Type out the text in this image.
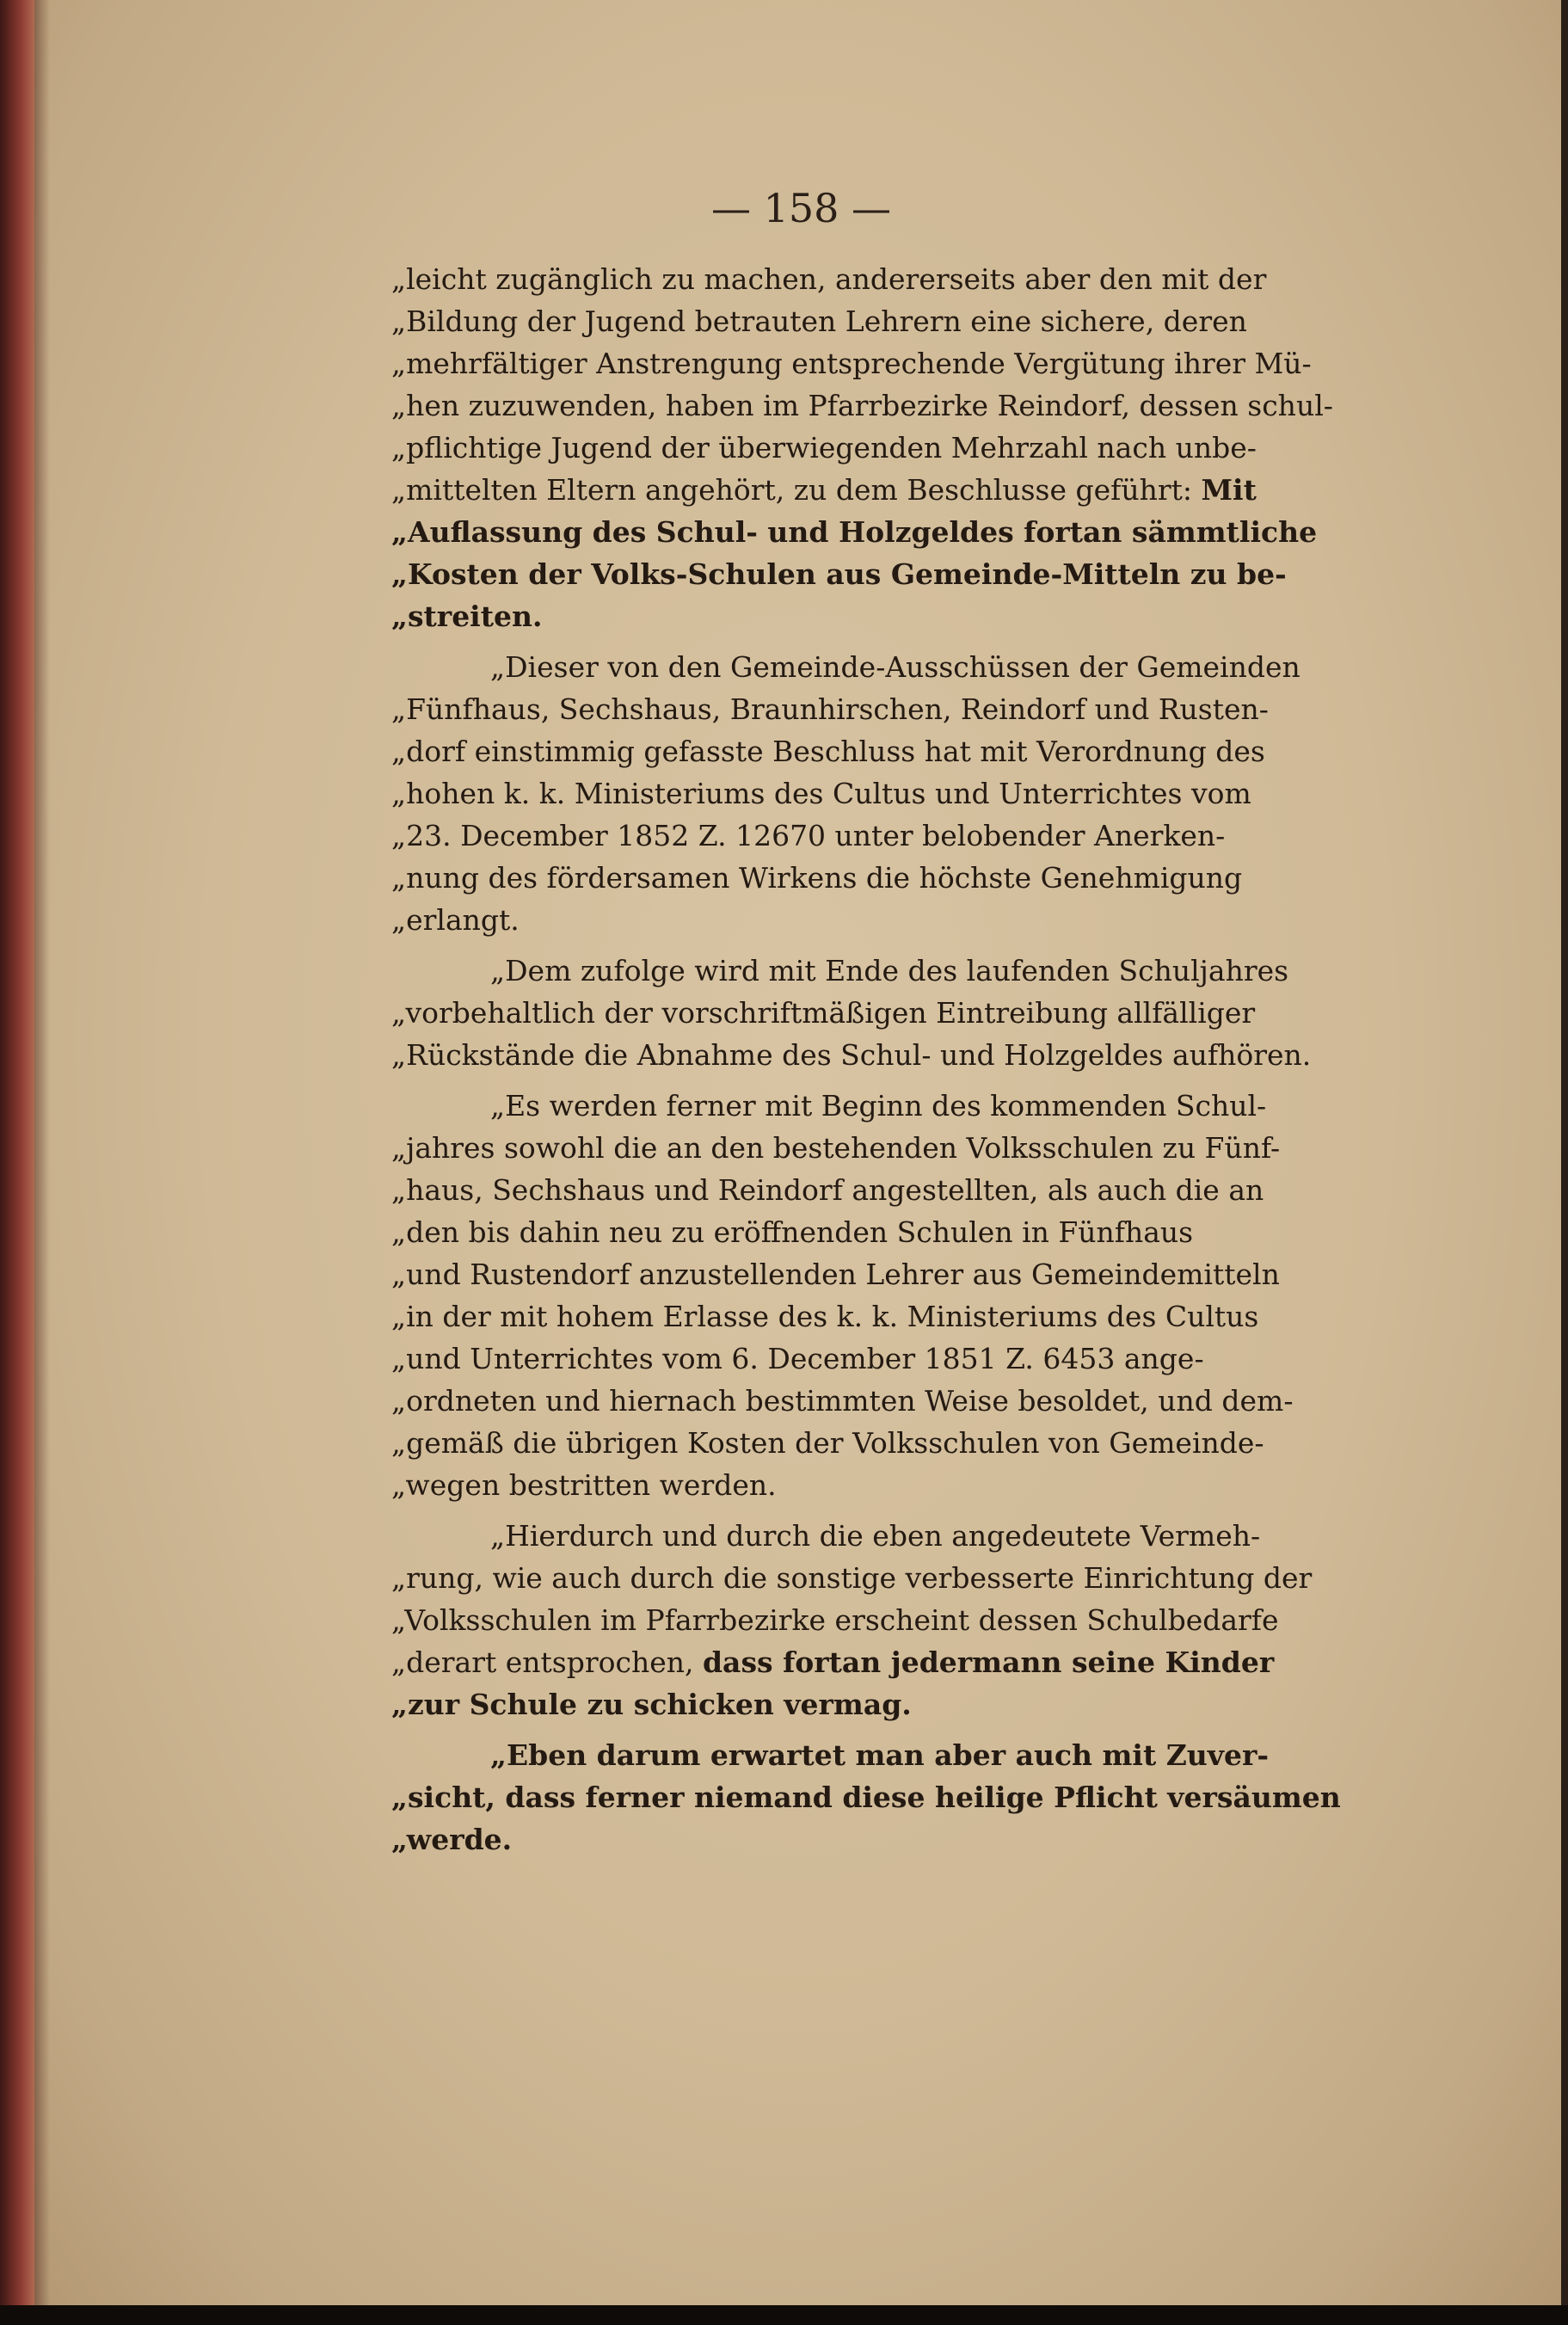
— 158 —
„leicht zugänglich zu machen, andererseits aber den mit der
„Bildung der Jugend betrauten Lehrern eine sichere, deren
„mehrfältiger Anstrengung entsprechende Vergütung ihrer Mü-
„hen zuzuwenden, haben im Pfarrbezirke Reindorf, dessen schul-
„pflichtige Jugend der überwiegenden Mehrzahl nach unbe-
„mittelten Eltern angehört, zu dem Beschlusse geführt: Mit
„Auflassung des Schul- und Holzgeldes fortan sämmtliche
„Kosten der Volks-Schulen aus Gemeinde-Mitteln zu be-
„streiten.
„Dieser von den Gemeinde-Ausschüssen der Gemeinden
„Fünfhaus, Sechshaus, Braunhirschen, Reindorf und Rusten-
„dorf einstimmig gefasste Beschluss hat mit Verordnung des
„hohen k. k. Ministeriums des Cultus und Unterrichtes vom
„23. December 1852 Z. 12670 unter belobender Anerken-
„nung des fördersamen Wirkens die höchste Genehmigung
„erlangt.
„Dem zufolge wird mit Ende des laufenden Schuljahres
„vorbehaltlich der vorschriftmäßigen Eintreibung allfälliger
„Rückstände die Abnahme des Schul- und Holzgeldes aufhören.
„Es werden ferner mit Beginn des kommenden Schul-
„jahres sowohl die an den bestehenden Volksschulen zu Fünf-
„haus, Sechshaus und Reindorf angestellten, als auch die an
„den bis dahin neu zu eröffnenden Schulen in Fünfhaus
„und Rustendorf anzustellenden Lehrer aus Gemeindemitteln
„in der mit hohem Erlasse des k. k. Ministeriums des Cultus
„und Unterrichtes vom 6. December 1851 Z. 6453 ange-
„ordneten und hiernach bestimmten Weise besoldet, und dem-
„gemäß die übrigen Kosten der Volksschulen von Gemeinde-
„wegen bestritten werden.
„Hierdurch und durch die eben angedeutete Vermeh-
„rung, wie auch durch die sonstige verbesserte Einrichtung der
„Volksschulen im Pfarrbezirke erscheint dessen Schulbedarfe
„derart entsprochen, dass fortan jedermann seine Kinder
„zur Schule zu schicken vermag.
„Eben darum erwartet man aber auch mit Zuver-
„sicht, dass ferner niemand diese heilige Pflicht versäumen
„werde.
